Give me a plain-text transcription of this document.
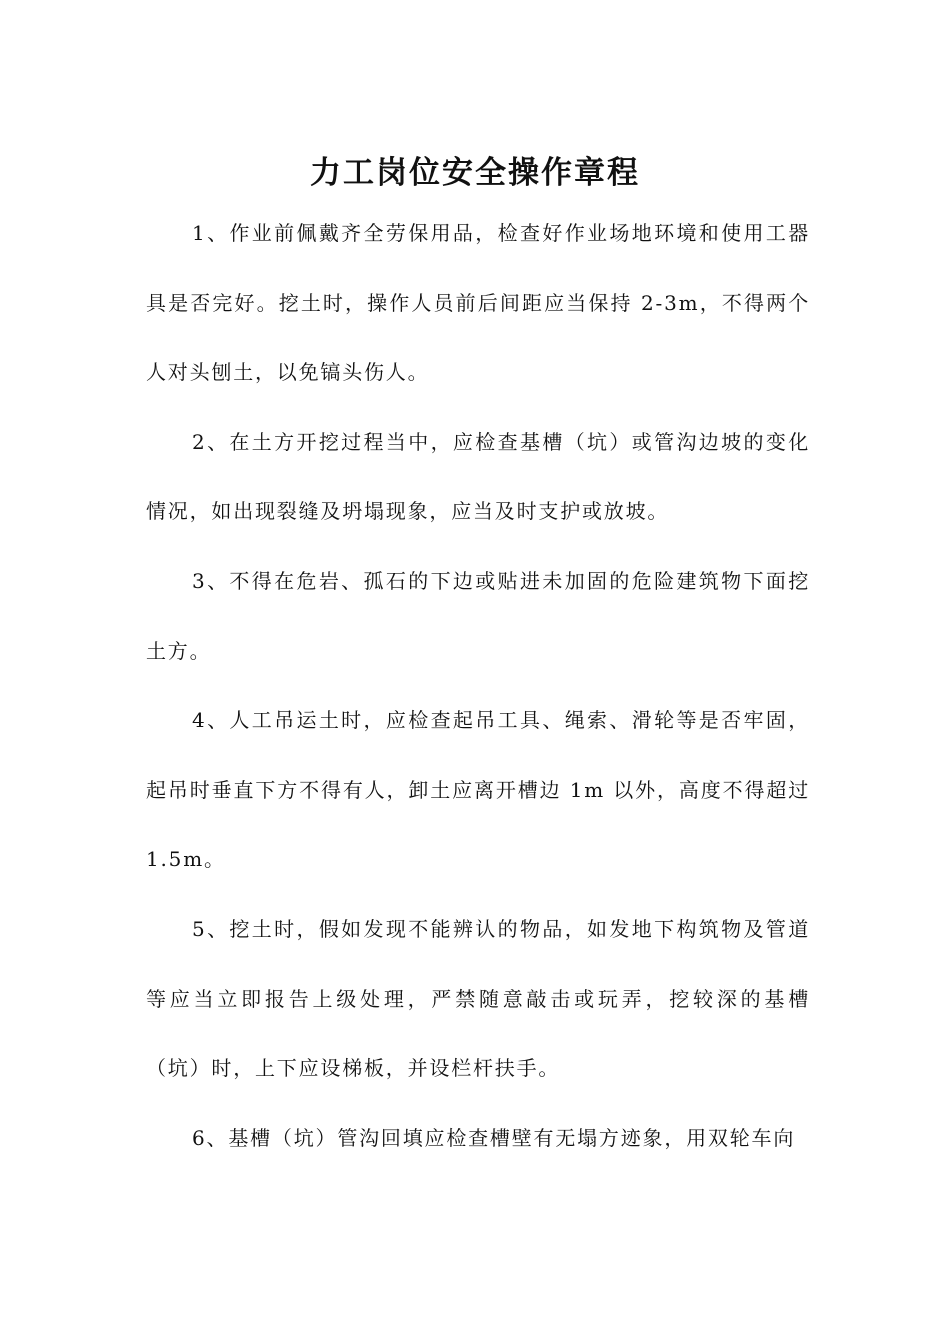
力工岗位安全操作章程

1、作业前佩戴齐全劳保用品，检查好作业场地环境和使用工器具是否完好。挖土时，操作人员前后间距应当保持 2-3m，不得两个人对头刨土，以免镐头伤人。

2、在土方开挖过程当中，应检查基槽（坑）或管沟边坡的变化情况，如出现裂缝及坍塌现象，应当及时支护或放坡。

3、不得在危岩、孤石的下边或贴进未加固的危险建筑物下面挖土方。

4、人工吊运土时，应检查起吊工具、绳索、滑轮等是否牢固，起吊时垂直下方不得有人，卸土应离开槽边 1m 以外，高度不得超过 1.5m。

5、挖土时，假如发现不能辨认的物品，如发地下构筑物及管道等应当立即报告上级处理，严禁随意敲击或玩弄，挖较深的基槽（坑）时，上下应设梯板，并设栏杆扶手。

6、基槽（坑）管沟回填应检查槽壁有无塌方迹象，用双轮车向
